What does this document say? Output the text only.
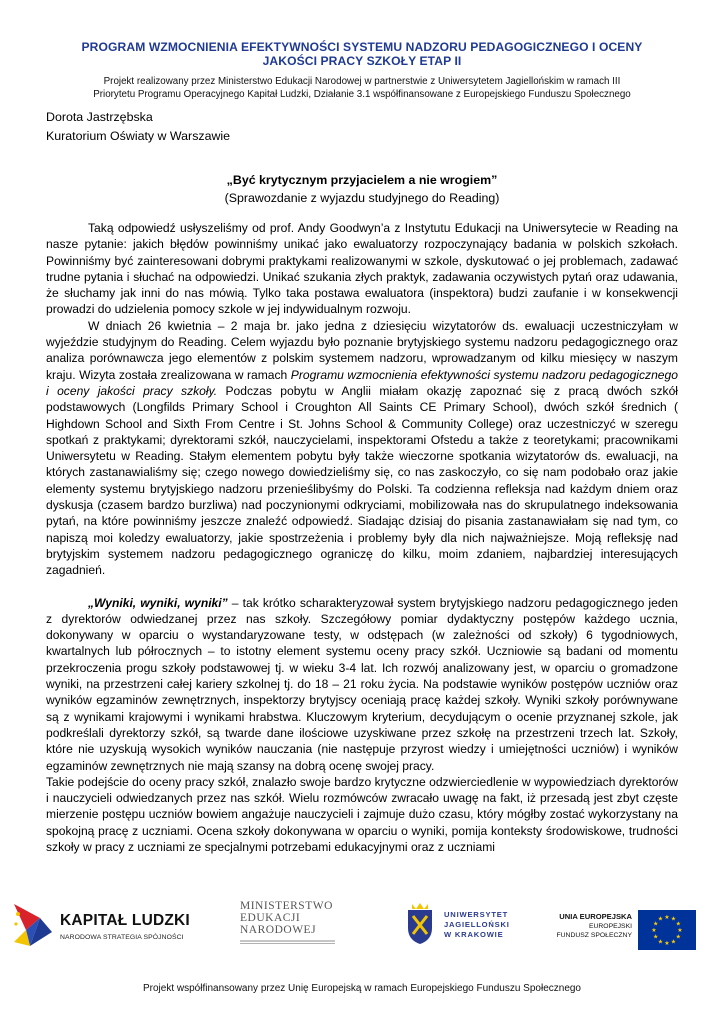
PROGRAM WZMOCNIENIA EFEKTYWNOŚCI SYSTEMU NADZORU PEDAGOGICZNEGO I OCENY
JAKOŚCI PRACY SZKOŁY ETAP II
Projekt realizowany przez Ministerstwo Edukacji Narodowej w partnerstwie z Uniwersytetem Jagiellońskim w ramach III
Priorytetu Programu Operacyjnego Kapitał Ludzki, Działanie 3.1 współfinansowane z Europejskiego Funduszu Społecznego
Dorota Jastrzębska
Kuratorium Oświaty w Warszawie
„Być krytycznym przyjacielem a nie wrogiem”
(Sprawozdanie z wyjazdu studyjnego do Reading)

Taką odpowiedź usłyszeliśmy od prof. Andy Goodwyn’a z Instytutu Edukacji na Uniwersytecie w Reading na nasze pytanie: jakich błędów powinniśmy unikać jako ewaluatorzy rozpoczynający badania w polskich szkołach. Powinniśmy być zainteresowani dobrymi praktykami realizowanymi w szkole, dyskutować o jej problemach, zadawać trudne pytania i słuchać na odpowiedzi. Unikać szukania złych praktyk, zadawania oczywistych pytań oraz udawania, że słuchamy jak inni do nas mówią. Tylko taka postawa ewaluatora (inspektora) budzi zaufanie i w konsekwencji prowadzi do udzielenia pomocy szkole w jej indywidualnym rozwoju.

W dniach 26 kwietnia – 2 maja br. jako jedna z dziesięciu wizytatorów ds. ewaluacji uczestniczyłam w wyjeździe studyjnym do Reading. Celem wyjazdu było poznanie brytyjskiego systemu nadzoru pedagogicznego oraz analiza porównawcza jego elementów z polskim systemem nadzoru, wprowadzanym od kilku miesięcy w naszym kraju. Wizyta została zrealizowana w ramach Programu wzmocnienia efektywności systemu nadzoru pedagogicznego i oceny jakości pracy szkoły. Podczas pobytu w Anglii miałam okazję zapoznać się z pracą dwóch szkół podstawowych (Longfilds Primary School i Croughton All Saints CE Primary School), dwóch szkół średnich ( Highdown School and Sixth From Centre i St. Johns School & Community College) oraz uczestniczyć w szeregu spotkań z praktykami; dyrektorami szkół, nauczycielami, inspektorami Ofstedu a także z teoretykami; pracownikami Uniwersytetu w Reading. Stałym elementem pobytu były także wieczorne spotkania wizytatorów ds. ewaluacji, na których zastanawialiśmy się; czego nowego dowiedzieliśmy się, co nas zaskoczyło, co się nam podobało oraz jakie elementy systemu brytyjskiego nadzoru przenieślibyśmy do Polski. Ta codzienna refleksja nad każdym dniem oraz dyskusja (czasem bardzo burzliwa) nad poczynionymi odkryciami, mobilizowała nas do skrupulatnego indeksowania pytań, na które powinniśmy jeszcze znaleźć odpowiedź. Siadając dzisiaj do pisania zastanawiałam się nad tym, co napiszą moi koledzy ewaluatorzy, jakie spostrzeżenia i problemy były dla nich najważniejsze. Moją refleksję nad brytyjskim systemem nadzoru pedagogicznego ograniczę do kilku, moim zdaniem, najbardziej interesujących zagadnień.

„Wyniki, wyniki, wyniki” – tak krótko scharakteryzował system brytyjskiego nadzoru pedagogicznego jeden z dyrektorów odwiedzanej przez nas szkoły. Szczegółowy pomiar dydaktyczny postępów każdego ucznia, dokonywany w oparciu o wystandaryzowane testy, w odstępach (w zależności od szkoły) 6 tygodniowych, kwartalnych lub półrocznych – to istotny element systemu oceny pracy szkół. Uczniowie są badani od momentu przekroczenia progu szkoły podstawowej tj. w wieku 3-4 lat. Ich rozwój analizowany jest, w oparciu o gromadzone wyniki, na przestrzeni całej kariery szkolnej tj. do 18 – 21 roku życia. Na podstawie wyników postępów uczniów oraz wyników egzaminów zewnętrznych, inspektorzy brytyjscy oceniają pracę każdej szkoły. Wyniki szkoły porównywane są z wynikami krajowymi i wynikami hrabstwa. Kluczowym kryterium, decydującym o ocenie przyznanej szkole, jak podkreślali dyrektorzy szkół, są twarde dane ilościowe uzyskiwane przez szkołę na przestrzeni trzech lat. Szkoły, które nie uzyskują wysokich wyników nauczania (nie następuje przyrost wiedzy i umiejętności uczniów) i wyników egzaminów zewnętrznych nie mają szansy na dobrą ocenę swojej pracy.

Takie podejście do oceny pracy szkół, znalazło swoje bardzo krytyczne odzwierciedlenie w wypowiedziach dyrektorów i nauczycieli odwiedzanych przez nas szkół. Wielu rozmówców zwracało uwagę na fakt, iż przesadą jest zbyt częste mierzenie postępu uczniów bowiem angażuje nauczycieli i zajmuje dużo czasu, który mógłby zostać wykorzystany na spokojną pracę z uczniami. Ocena szkoły dokonywana w oparciu o wyniki, pomija konteksty środowiskowe, trudności szkoły w pracy z uczniami ze specjalnymi potrzebami edukacyjnymi oraz z uczniami

KAPITAŁ LUDZKI
NARODOWA STRATEGIA SPÓJNOŚCI
MINISTERSTWO
EDUKACJI
NARODOWEJ
UNIWERSYTET
JAGIELLOŃSKI
W KRAKOWIE
UNIA EUROPEJSKA
EUROPEJSKI
FUNDUSZ SPOŁECZNY
★ ★
★
★
★
★
★
★
★
★
★
★
Projekt współfinansowany przez Unię Europejską w ramach Europejskiego Funduszu Społecznego
